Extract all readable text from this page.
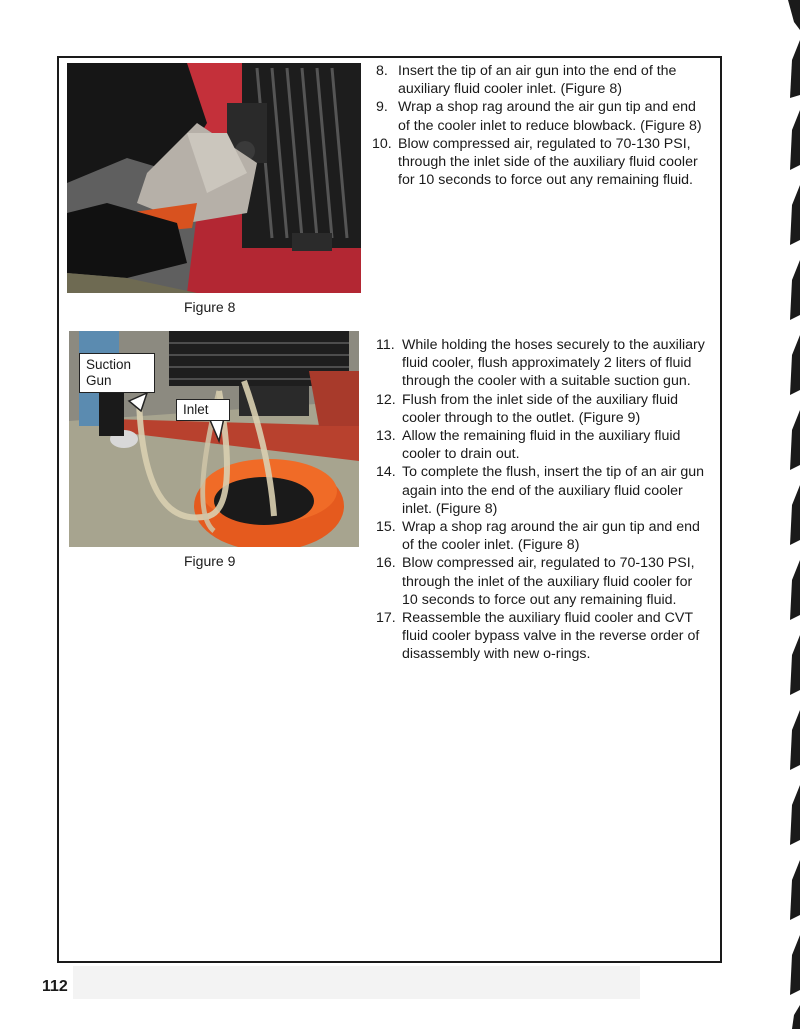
Figure 8
Suction Gun
Inlet
Figure 9
8. Insert the tip of an air gun into the end of the auxiliary fluid cooler inlet. (Figure 8)
9. Wrap a shop rag around the air gun tip and end of the cooler inlet to reduce blowback. (Figure 8)
10. Blow compressed air, regulated to 70-130 PSI, through the inlet side of the auxiliary fluid cooler for 10 seconds to force out any remaining fluid.
11. While holding the hoses securely to the auxiliary fluid cooler, flush approximately 2 liters of fluid through the cooler with a suitable suction gun.
12. Flush from the inlet side of the auxiliary fluid cooler through to the outlet. (Figure 9)
13. Allow the remaining fluid in the auxiliary fluid cooler to drain out.
14. To complete the flush, insert the tip of an air gun again into the end of the auxiliary fluid cooler inlet. (Figure 8)
15. Wrap a shop rag around the air gun tip and end of the cooler inlet. (Figure 8)
16. Blow compressed air, regulated to 70-130 PSI, through the inlet of the auxiliary fluid cooler for 10 seconds to force out any remaining fluid.
17. Reassemble the auxiliary fluid cooler and CVT fluid cooler bypass valve in the reverse order of disassembly with new o-rings.
112
